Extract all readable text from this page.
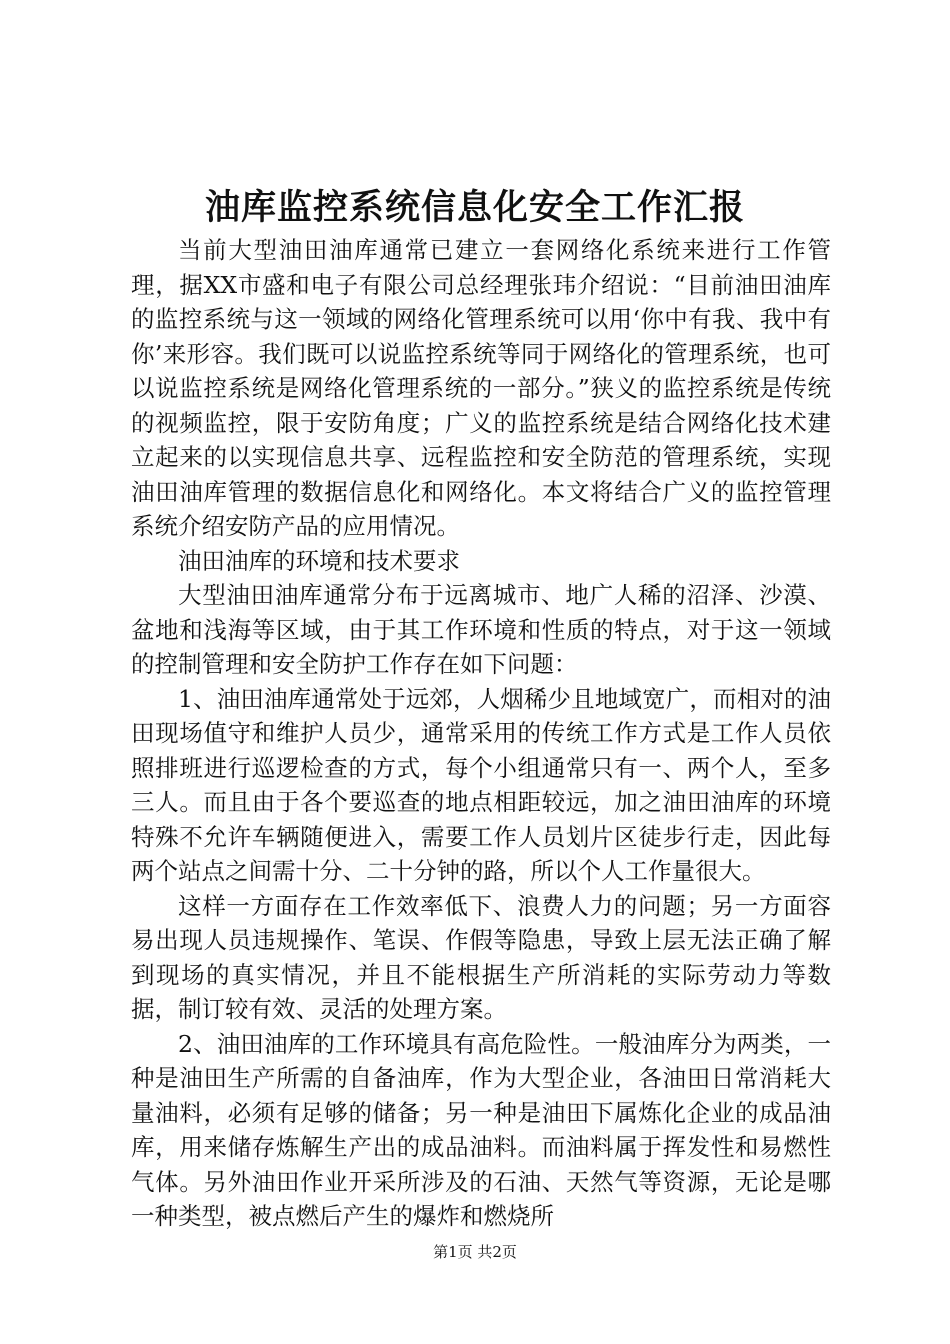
油库监控系统信息化安全工作汇报

当前大型油田油库通常已建立一套网络化系统来进行工作管理，据XX市盛和电子有限公司总经理张玮介绍说：“目前油田油库的监控系统与这一领域的网络化管理系统可以用‘你中有我、我中有你’来形容。我们既可以说监控系统等同于网络化的管理系统，也可以说监控系统是网络化管理系统的一部分。”狭义的监控系统是传统的视频监控，限于安防角度；广义的监控系统是结合网络化技术建立起来的以实现信息共享、远程监控和安全防范的管理系统，实现油田油库管理的数据信息化和网络化。本文将结合广义的监控管理系统介绍安防产品的应用情况。

油田油库的环境和技术要求

大型油田油库通常分布于远离城市、地广人稀的沼泽、沙漠、盆地和浅海等区域，由于其工作环境和性质的特点，对于这一领域的控制管理和安全防护工作存在如下问题：

1、油田油库通常处于远郊，人烟稀少且地域宽广，而相对的油田现场值守和维护人员少，通常采用的传统工作方式是工作人员依照排班进行巡逻检查的方式，每个小组通常只有一、两个人，至多三人。而且由于各个要巡查的地点相距较远，加之油田油库的环境特殊不允许车辆随便进入，需要工作人员划片区徒步行走，因此每两个站点之间需十分、二十分钟的路，所以个人工作量很大。

这样一方面存在工作效率低下、浪费人力的问题；另一方面容易出现人员违规操作、笔误、作假等隐患，导致上层无法正确了解到现场的真实情况，并且不能根据生产所消耗的实际劳动力等数据，制订较有效、灵活的处理方案。

2、油田油库的工作环境具有高危险性。一般油库分为两类，一种是油田生产所需的自备油库，作为大型企业，各油田日常消耗大量油料，必须有足够的储备；另一种是油田下属炼化企业的成品油库，用来储存炼解生产出的成品油料。而油料属于挥发性和易燃性气体。另外油田作业开采所涉及的石油、天然气等资源，无论是哪一种类型，被点燃后产生的爆炸和燃烧所

第1页 共2页
